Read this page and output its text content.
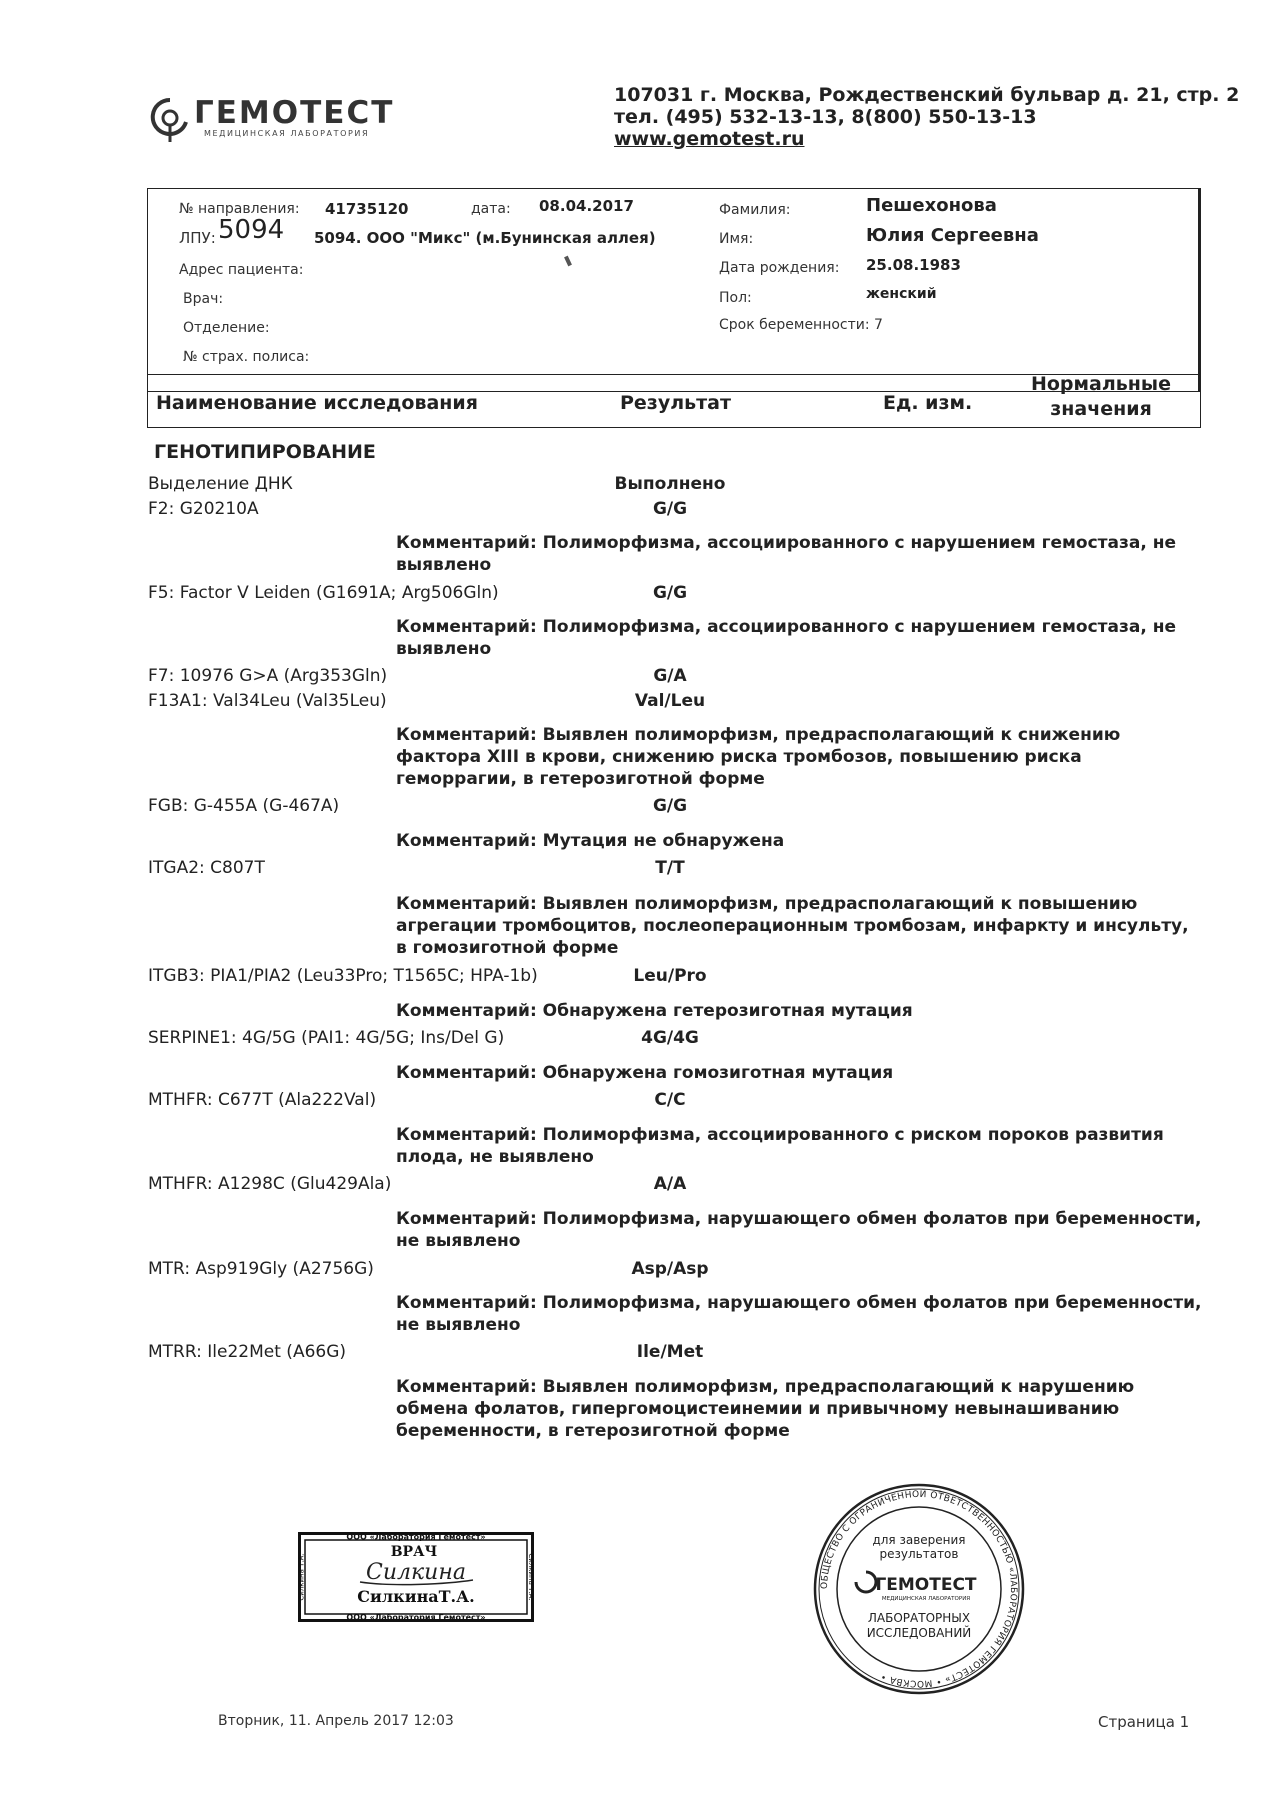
ГЕМОТЕСТ
МЕДИЦИНСКАЯ ЛАБОРАТОРИЯ
107031 г. Москва, Рождественский бульвар д. 21, стр. 2
тел. (495) 532-13-13, 8(800) 550-13-13
www.gemotest.ru
№ направления: 41735120	дата: 08.04.2017
ЛПУ: 5094 5094. ООО "Микс" (м.Бунинская аллея)
Адрес пациента:
Врач:
Отделение:
№ страх. полиса:
Фамилия:	Пешехонова
Имя:	Юлия Сергеевна
Дата рождения: 25.08.1983
Пол:	женский
Срок беременности: 7
Наименование исследования	Результат	Ед. изм.
Нормальные
значения
ГЕНОТИПИРОВАНИЕ
Выделение ДНК	Выполнено
F2: G20210A	G/G
Комментарий: Полиморфизма, ассоциированного с нарушением гемостаза, не выявлено
F5: Factor V Leiden (G1691A; Arg506Gln)	G/G
Комментарий: Полиморфизма, ассоциированного с нарушением гемостаза, не выявлено
F7: 10976 G>A (Arg353Gln)	G/A
F13A1: Val34Leu (Val35Leu)	Val/Leu
Комментарий: Выявлен полиморфизм, предрасполагающий к снижению фактора XIII в крови, снижению риска тромбозов, повышению риска геморрагии, в гетерозиготной форме
FGB: G-455A (G-467A)	G/G
Комментарий: Мутация не обнаружена
ITGA2: C807T	T/T
Комментарий: Выявлен полиморфизм, предрасполагающий к повышению агрегации тромбоцитов, послеоперационным тромбозам, инфаркту и инсульту, в гомозиготной форме
ITGB3: PIA1/PIA2 (Leu33Pro; T1565C; HPA-1b)	Leu/Pro
Комментарий: Обнаружена гетерозиготная мутация
SERPINE1: 4G/5G (PAI1: 4G/5G; Ins/Del G)	4G/4G
Комментарий: Обнаружена гомозиготная мутация
MTHFR: C677T (Ala222Val)	C/C
Комментарий: Полиморфизма, ассоциированного с риском пороков развития плода, не выявлено
MTHFR: A1298C (Glu429Ala)	A/A
Комментарий: Полиморфизма, нарушающего обмен фолатов при беременности, не выявлено
MTR: Asp919Gly (A2756G)	Asp/Asp
Комментарий: Полиморфизма, нарушающего обмен фолатов при беременности, не выявлено
MTRR: Ile22Met (A66G)	Ile/Met
Комментарий: Выявлен полиморфизм, предрасполагающий к нарушению обмена фолатов, гипергомоцистеинемии и привычному невынашиванию беременности, в гетерозиготной форме
ООО «Лаборатория Гемотест»
ООО «Лаборатория Гемотест»
Силкина Т.А.	Силкина Т.А.
ВРАЧ
Силкина
СилкинаТ.А.
ОБЩЕСТВО С ОГРАНИЧЕННОЙ ОТВЕТСТВЕННОСТЬЮ «ЛАБОРАТОРИЯ ГЕМОТЕСТ» • МОСКВА •
для заверения
результатов
ГЕМОТЕСТ
МЕДИЦИНСКАЯ ЛАБОРАТОРИЯ
ЛАБОРАТОРНЫХ
ИССЛЕДОВАНИЙ
Вторник, 11. Апрель 2017 12:03	Страница 1
